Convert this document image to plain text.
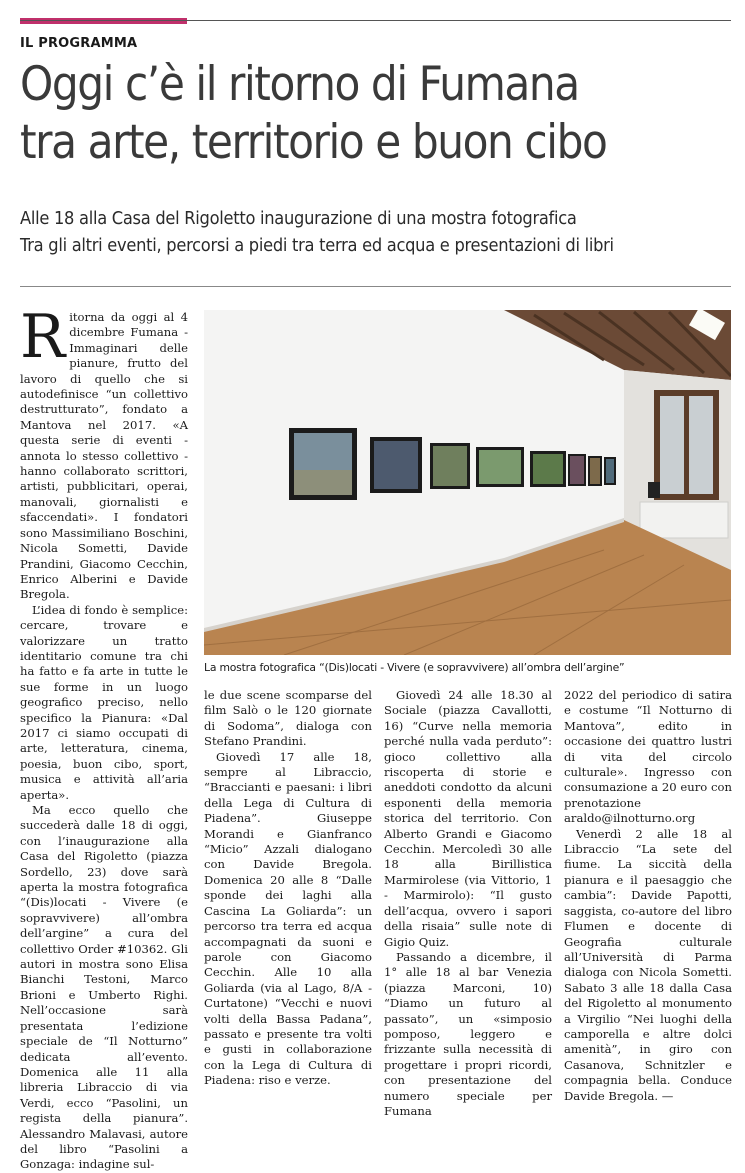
IL PROGRAMMA
Oggi c’è il ritorno di Fumana
tra arte, territorio e buon cibo
Alle 18 alla Casa del Rigoletto inaugurazione di una mostra fotografica
Tra gli altri eventi, percorsi a piedi tra terra ed acqua e presentazioni di libri

Ritorna da oggi al 4 dicembre Fumana - Immaginari delle pianure, frutto del lavoro di quello che si autodefinisce “un collettivo destrutturato”, fondato a Mantova nel 2017. «A questa serie di eventi - annota lo stesso collettivo - hanno collaborato scrittori, artisti, pubblicitari, operai, manovali, giornalisti e sfaccendati». I fondatori sono Massimiliano Boschini, Nicola Sometti, Davide Prandini, Giacomo Cecchin, Enrico Alberini e Davide Bregola.

L’idea di fondo è semplice: cercare, trovare e valorizzare un tratto identitario comune tra chi ha fatto e fa arte in tutte le sue forme in un luogo geografico preciso, nello specifico la Pianura: «Dal 2017 ci siamo occupati di arte, letteratura, cinema, poesia, buon cibo, sport, musica e attività all’aria aperta».

Ma ecco quello che succederà dalle 18 di oggi, con l’inaugurazione alla Casa del Rigoletto (piazza Sordello, 23) dove sarà aperta la mostra fotografica “(Dis)locati - Vivere (e sopravvivere) all’ombra dell’argine” a cura del collettivo Order #10362. Gli autori in mostra sono Elisa Bianchi Testoni, Marco Brioni e Umberto Righi. Nell’occasione sarà presentata l’edizione speciale de “Il Notturno” dedicata all’evento. Domenica alle 11 alla libreria Libraccio di via Verdi, ecco “Pasolini, un regista della pianura”. Alessandro Malavasi, autore del libro “Pasolini a Gonzaga: indagine sul-

La mostra fotografica “(Dis)locati - Vivere (e sopravvivere) all’ombra dell’argine”

le due scene scomparse del film Salò o le 120 giornate di Sodoma”, dialoga con Stefano Prandini.

Giovedì 17 alle 18, sempre al Libraccio, “Braccianti e paesani: i libri della Lega di Cultura di Piadena”. Giuseppe Morandi e Gianfranco “Micio” Azzali dialogano con Davide Bregola. Domenica 20 alle 8 “Dalle sponde dei laghi alla Cascina La Goliarda”: un percorso tra terra ed acqua accompagnati da suoni e parole con Giacomo Cecchin. Alle 10 alla Goliarda (via al Lago, 8/A - Curtatone) “Vecchi e nuovi volti della Bassa Padana”, passato e presente tra volti e gusti in collaborazione con la Lega di Cultura di Piadena: riso e verze.

Giovedì 24 alle 18.30 al Sociale (piazza Cavallotti, 16) “Curve nella memoria perché nulla vada perduto”: gioco collettivo alla riscoperta di storie e aneddoti condotto da alcuni esponenti della memoria storica del territorio. Con Alberto Grandi e Giacomo Cecchin. Mercoledì 30 alle 18 alla Birillistica Marmirolese (via Vittorio, 1 - Marmirolo): “Il gusto dell’acqua, ovvero i sapori della risaia” sulle note di Gigio Quiz.

Passando a dicembre, il 1° alle 18 al bar Venezia (piazza Marconi, 10) “Diamo un futuro al passato”, un «simposio pomposo, leggero e frizzante sulla necessità di progettare i propri ricordi, con presentazione del numero speciale per Fumana

2022 del periodico di satira e costume “Il Notturno di Mantova”, edito in occasione dei quattro lustri di vita del circolo culturale». Ingresso con consumazione a 20 euro con prenotazione araldo@ilnotturno.org

Venerdì 2 alle 18 al Libraccio “La sete del fiume. La siccità della pianura e il paesaggio che cambia”: Davide Papotti, saggista, co-autore del libro Flumen e docente di Geografia culturale all’Università di Parma dialoga con Nicola Sometti. Sabato 3 alle 18 dalla Casa del Rigoletto al monumento a Virgilio “Nei luoghi della camporella e altre dolci amenità”, in giro con Casanova, Schnitzler e compagnia bella. Conduce Davide Bregola. —
